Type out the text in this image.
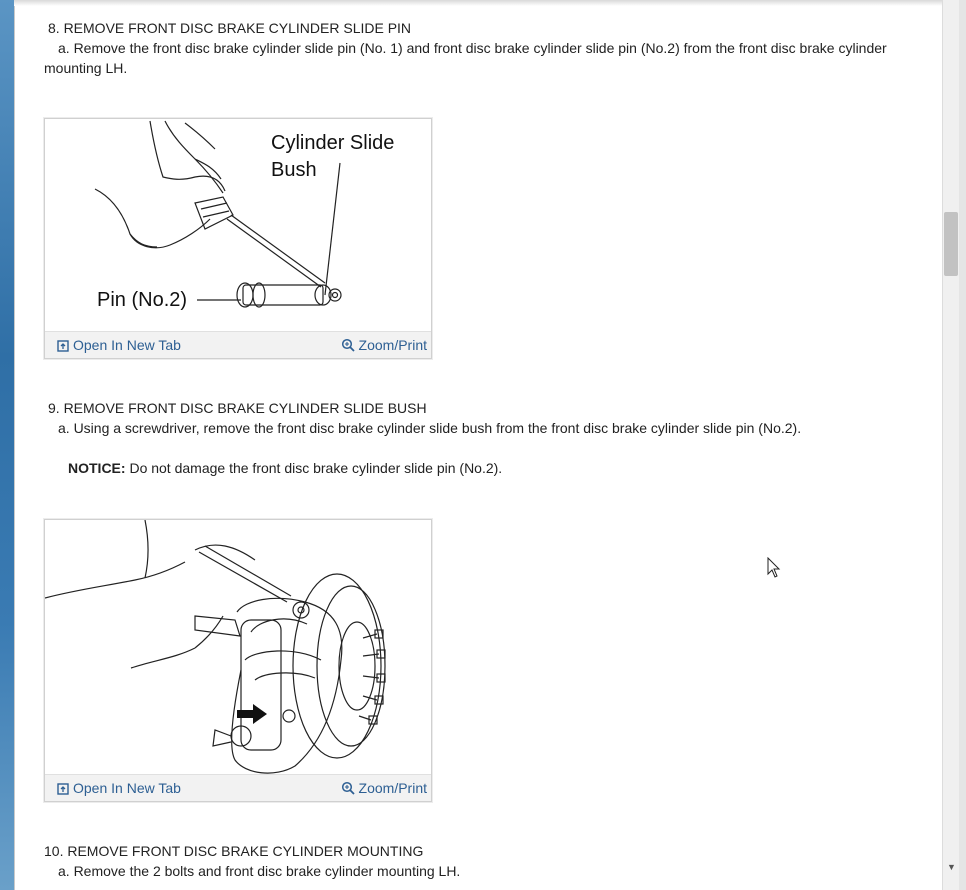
8. REMOVE FRONT DISC BRAKE CYLINDER SLIDE PIN
a. Remove the front disc brake cylinder slide pin (No. 1) and front disc brake cylinder slide pin (No.2) from the front disc brake cylinder mounting LH.
Cylinder Slide
Bush
Pin (No.2)
Open In New Tab	Zoom/Print
9. REMOVE FRONT DISC BRAKE CYLINDER SLIDE BUSH
a. Using a screwdriver, remove the front disc brake cylinder slide bush from the front disc brake cylinder slide pin (No.2).
NOTICE: Do not damage the front disc brake cylinder slide pin (No.2).
Open In New Tab	Zoom/Print
10. REMOVE FRONT DISC BRAKE CYLINDER MOUNTING
a. Remove the 2 bolts and front disc brake cylinder mounting LH.	▼
